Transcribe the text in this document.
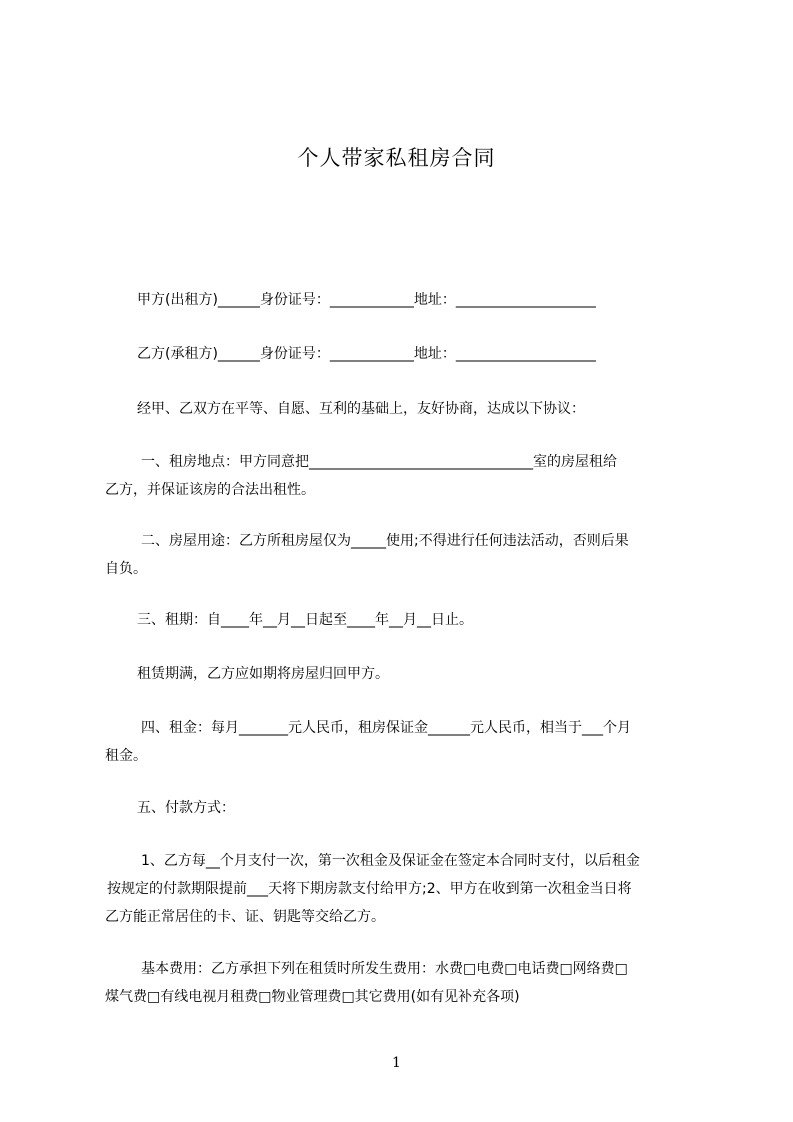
个人带家私租房合同

甲方(出租方)______身份证号：____________地址：____________________

乙方(承租方)______身份证号：____________地址：____________________

经甲、乙双方在平等、自愿、互利的基础上，友好协商，达成以下协议：

一、租房地点：甲方同意把________________________________室的房屋租给

乙方，并保证该房的合法出租性。

二、房屋用途：乙方所租房屋仅为_____使用;不得进行任何违法活动，否则后果

自负。

三、租期：自____年__月__日起至____年__月__日止。

租赁期满，乙方应如期将房屋归回甲方。

四、租金：每月_______元人民币，租房保证金______元人民币，相当于___个月

租金。

五、付款方式：

1、乙方每__个月支付一次，第一次租金及保证金在签定本合同时支付，以后租金

按规定的付款期限提前___天将下期房款支付给甲方;2、甲方在收到第一次租金当日将

乙方能正常居住的卡、证、钥匙等交给乙方。

基本费用：乙方承担下列在租赁时所发生费用：水费□电费□电话费□网络费□

煤气费□有线电视月租费□物业管理费□其它费用(如有见补充各项)

1
